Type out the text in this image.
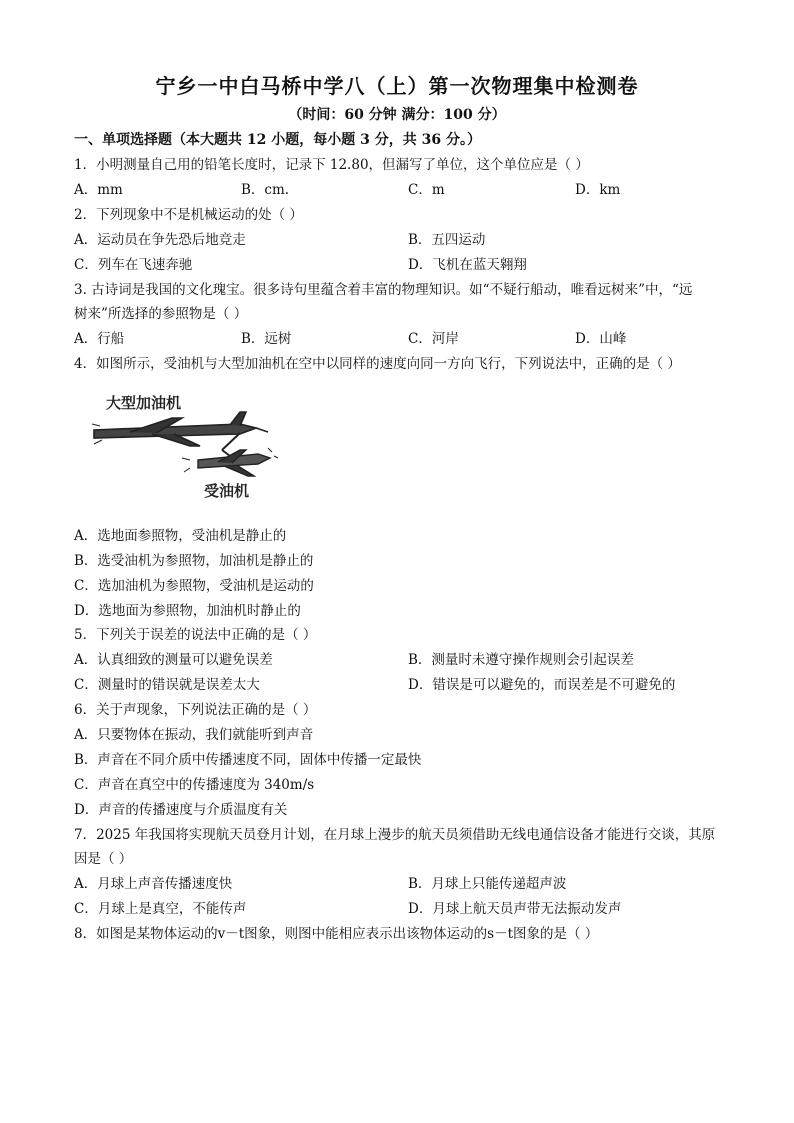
宁乡一中白马桥中学八（上）第一次物理集中检测卷
（时间：60 分钟 满分：100 分）
一、单项选择题（本大题共 12 小题，每小题 3 分，共 36 分。）
1．小明测量自己用的铅笔长度时，记录下 12.80，但漏写了单位，这个单位应是（ ）
A．mm	B．cm.	C．m	D．km
2．下列现象中不是机械运动的处（ ）
A．运动员在争先恐后地竞走	B．五四运动
C．列车在飞速奔驰	D．飞机在蓝天翱翔
3. 古诗词是我国的文化瑰宝。很多诗句里蕴含着丰富的物理知识。如“不疑行船动，唯看远树来”中，“远
树来”所选择的参照物是（ ）
A．行船	B．远树	C．河岸	D．山峰
4．如图所示，受油机与大型加油机在空中以同样的速度向同一方向飞行，下列说法中，正确的是（ ）
大型加油机
受油机
A．选地面参照物，受油机是静止的
B．选受油机为参照物，加油机是静止的
C．选加油机为参照物，受油机是运动的
D．选地面为参照物，加油机时静止的
5．下列关于误差的说法中正确的是（ ）
A．认真细致的测量可以避免误差	B．测量时未遵守操作规则会引起误差
C．测量时的错误就是误差太大	D．错误是可以避免的，而误差是不可避免的
6．关于声现象，下列说法正确的是（ ）
A．只要物体在振动，我们就能听到声音
B．声音在不同介质中传播速度不同，固体中传播一定最快
C．声音在真空中的传播速度为 340m/s
D．声音的传播速度与介质温度有关
7．2025 年我国将实现航天员登月计划，在月球上漫步的航天员须借助无线电通信设备才能进行交谈，其原
因是（ ）
A．月球上声音传播速度快	B．月球上只能传递超声波
C．月球上是真空，不能传声	D．月球上航天员声带无法振动发声
8．如图是某物体运动的v－t图象，则图中能相应表示出该物体运动的s－t图象的是（ ）
